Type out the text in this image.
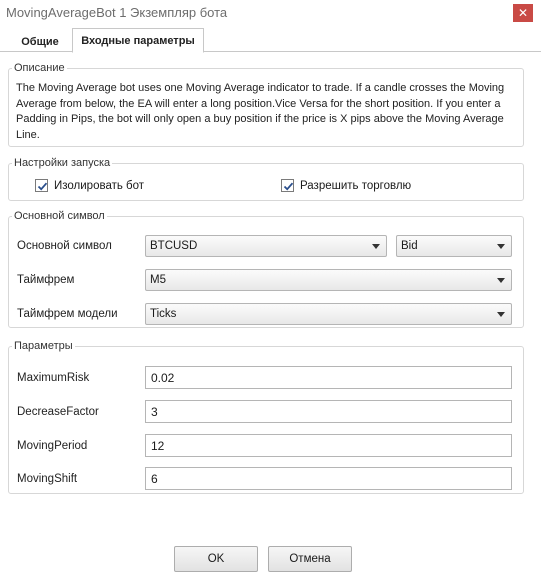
MovingAverageBot 1 Экземпляр бота	✕
Общие Входные параметры
Описание
The Moving Average bot uses one Moving Average indicator to trade. If a candle crosses the Moving Average from below, the EA will enter a long position.Vice Versa for the short position. If you enter a Padding in Pips, the bot will only open a buy position if the price is X pips above the Moving Average Line.
Настройки запуска
Изолировать бот	Разрешить торговлю
Основной символ
Основной символ	BTCUSD	Bid
Таймфрем	M5
Таймфрем модели	Ticks
Параметры
MaximumRisk	0.02
DecreaseFactor	3
MovingPeriod	12
MovingShift	6
OK	Отмена
